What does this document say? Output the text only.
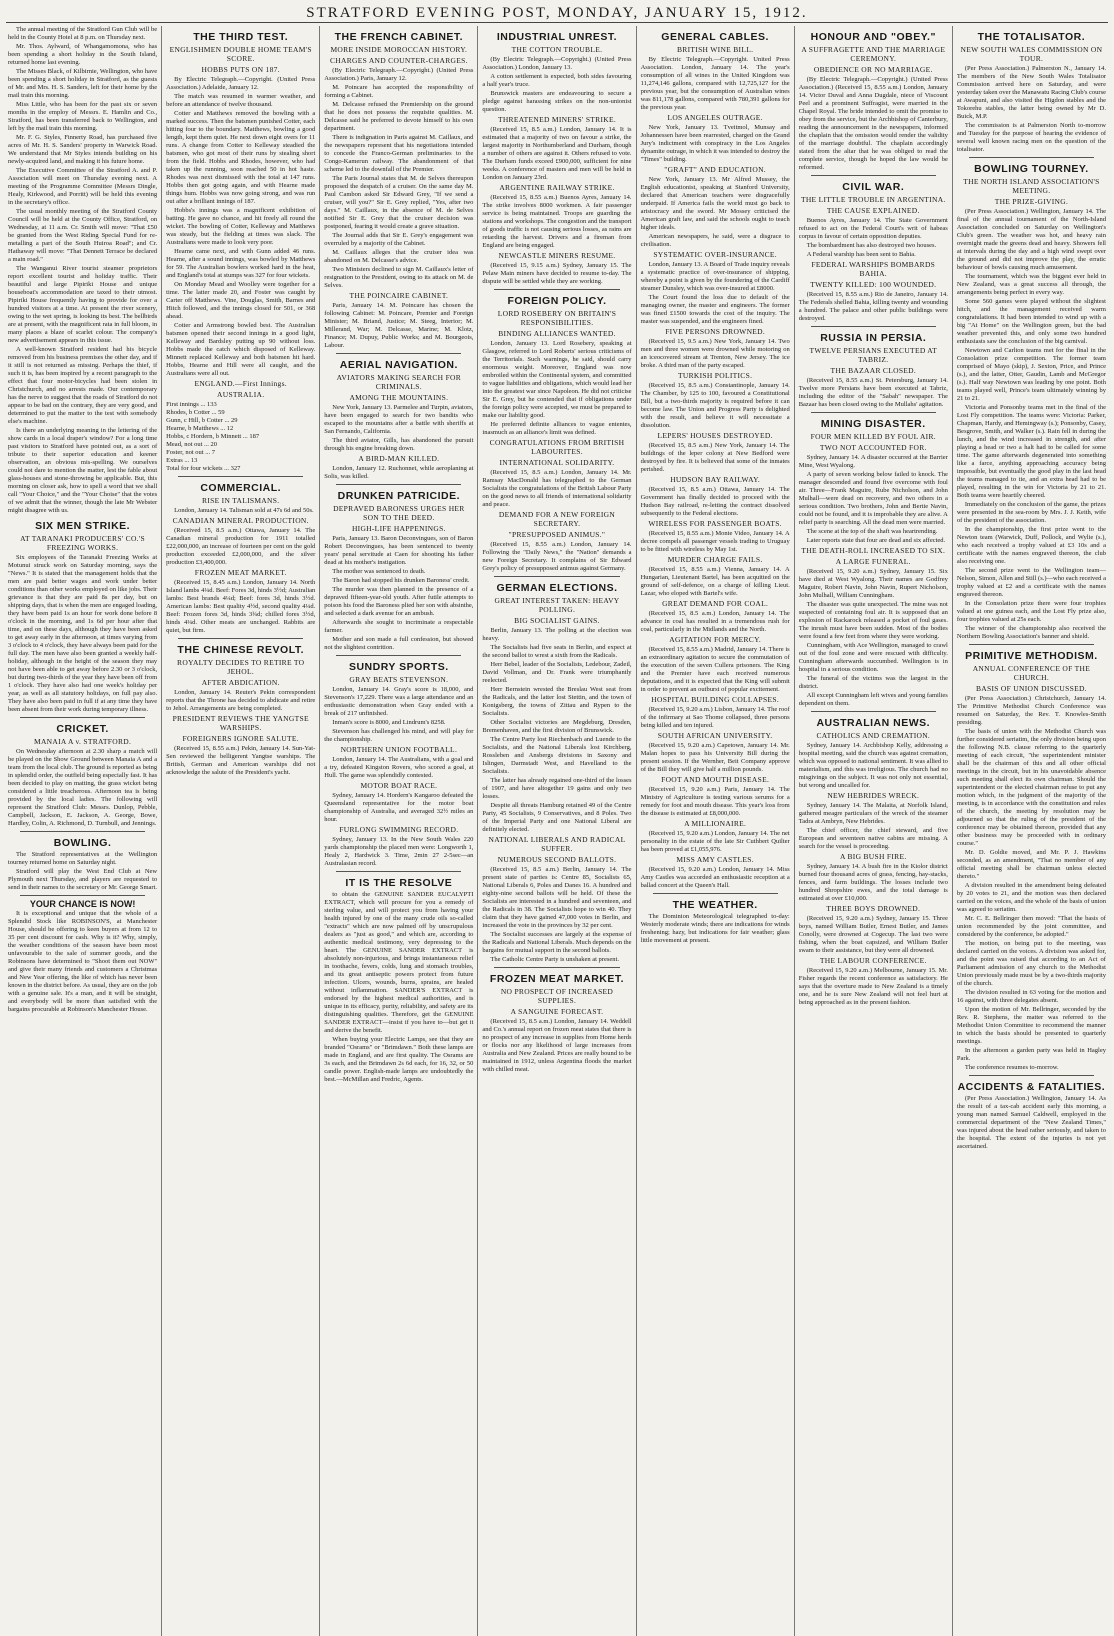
STRATFORD EVENING POST, MONDAY, JANUARY 15, 1912.

The annual meeting of the Stratford Gun Club will be held in the County Hotel at 8 p.m. on Thursday next.

Mr. Thos. Aylward, of Whangamomona, who has been spending a short holiday in the South Island, returned home last evening.

The Misses Black, of Kilbirnie, Wellington, who have been spending a short holiday in Stratford, as the guests of Mr. and Mrs. H. S. Sanders, left for their home by the mail train this morning.

Miss Little, who has been for the past six or seven months in the employ of Messrs. E. Hamlin and Co., Stratford, has been transferred back to Wellington, and left by the mail train this morning.

Mr. F. G. Styles, Finnerty Road, has purchased five acres of Mr. H. S. Sanders' property in Warwick Road. We understand that Mr Styles intends building on his newly-acquired land, and making it his future home.

The Executive Committee of the Stratford A. and P. Association will meet on Thursday evening next. A meeting of the Programme Committee (Messrs Dingle, Healy, Kirkwood, and Porritt) will be held this evening in the secretary's office.

The usual monthly meeting of the Stratford County Council will be held at the County Office, Stratford, on Wednesday, at 11 a.m. Cr. Smith will move: "That £50 be granted from the West Riding Special Fund for re-metalling a part of the South Huiroa Road"; and Cr. Hathaway will move: "That Dennett Terrace be declared a main road."

The Wanganui River tourist steamer proprietors report excellent tourist and holiday traffic. Their beautiful and large Pipiriki House and unique houseboat's accommodation are taxed to their utmost. Pipiriki House frequently having to provide for over a hundred visitors at a time. At present the river scenery, owing to the wet spring, is looking its best. The bellbirds are at present, with the magnificent rata in full bloom, in many places a blaze of scarlet colour. The company's new advertisement appears in this issue.

A well-known Stratford resident had his bicycle removed from his business premises the other day, and if it still is not returned as missing. Perhaps the thief, if such it is, has been inspired by a recent paragraph to the effect that four motor-bicycles had been stolen in Christchurch, and no arrests made. Our contemporary has the nerve to suggest that the roads of Stratford do not appear to be bad on the contrary, they are very good, and determined to put the matter to the test with somebody else's machine.

Is there an underlying meaning in the lettering of the show cards in a local draper's window? For a long time past visitors to Stratford have pointed out, as a sort of tribute to their superior education and keener observation, an obvious mis-spelling. We ourselves could not dare to mention the matter, lest the fable about glass-houses and stone-throwing be applicable. But, this morning on closer ask, how to spell a word that we shall call "Your Choice," and the "Your Choise" that the votes of we admit that the winner, though the late Mr Webster might disagree with us.

SIX MEN STRIKE.
AT TARANAKI PRODUCERS' CO.'S FREEZING WORKS.

Six employees of the Taranaki Freezing Works at Motunui struck work on Saturday morning, says the "News." It is stated that the management holds that the men are paid better wages and work under better conditions than other works employed on like jobs. Their grievance is that they are paid 8s per day, but on shipping days, that is when the men are engaged loading, they have been paid 1s an hour for work done before 8 o'clock in the morning, and 1s 6d per hour after that time, and on these days, although they have been asked to get away early in the afternoon, at times varying from 3 o'clock to 4 o'clock, they have always been paid for the full day. The men have also been granted a weekly half-holiday, although in the height of the season they may not have been able to get away before 2.30 or 3 o'clock, but during two-thirds of the year they have been off from 1 o'clock. They have also had one week's holiday per year, as well as all statutory holidays, on full pay also. They have also been paid in full if at any time they have been absent from their work during temporary illness.

CRICKET.
MANAIA A v. STRATFORD.

On Wednesday afternoon at 2.30 sharp a match will be played on the Show Ground between Manaia A and a team from the local club. The ground is reported as being in splendid order, the outfield being especially fast. It has been decided to play on matting, the grass wicket being considered a little treacherous. Afternoon tea is being provided by the local ladies. The following will represent the Stratford Club: Messrs. Dunlop, Pebble, Campbell, Jackson, E. Jackson, A. George, Bowe, Hardley, Colin, A. Richmond, D. Turnbull, and Jennings.

BOWLING.

The Stratford representatives at the Wellington tourney returned home on Saturday night.

Stratford will play the West End Club at New Plymouth next Thursday, and players are requested to send in their names to the secretary or Mr. George Smart.

YOUR CHANCE IS NOW!

It is exceptional and unique that the whole of a Splendid Stock like ROBINSON'S, at Manchester House, should be offering to keen buyers at from 12 to 35 per cent discount for cash. Why is it? Why, simply, the weather conditions of the season have been most unfavourable to the sale of summer goods, and the Robinsons have determined to "Shoot them out NOW" and give their many friends and customers a Christmas and New Year offering, the like of which has never been known in the district before. As usual, they are on the job with a genuine sale. It's a man, and it will be straight, and everybody will be more than satisfied with the bargains procurable at Robinson's Manchester House.

THE THIRD TEST.
ENGLISHMEN DOUBLE HOME TEAM'S SCORE.
HOBBS PUTS ON 187.

By Electric Telegraph.—Copyright. (United Press Association.) Adelaide, January 12.

The match was resumed in warmer weather, and before an attendance of twelve thousand.

Cotter and Matthews removed the bowling with a marked success. Then the batsmen punished Cotter, each hitting four to the boundary. Matthews, bowling a good length, kept them quiet. He next down eight overs for 11 runs. A change from Cotter to Kelleway steadied the batsmen, who got most of their runs by stealing short from the field. Hobbs and Rhodes, however, who had taken up the running, soon reached 50 in hot haste. Rhodes was next dismissed with the total at 147 runs. Hobbs then got going again, and with Hearne made things hum. Hobbs was now going strong, and was run out after a brilliant innings of 187.

Hobbs's innings was a magnificent exhibition of batting. He gave no chance, and hit freely all round the wicket. The bowling of Cotter, Kelleway and Matthews was steady, but the fielding at times was slack. The Australians were made to look very poor.

Hearne came next, and with Gunn added 46 runs. Hearne, after a sound innings, was bowled by Matthews for 59. The Australian bowlers worked hard in the heat, and England's total at stumps was 327 for four wickets.

On Monday Mead and Woolley were together for a time. The latter made 20, and Foster was caught by Carter off Matthews. Vine, Douglas, Smith, Barnes and Hitch followed, and the innings closed for 501, or 368 ahead.

Cotter and Armstrong bowled best. The Australian batsmen opened their second innings in a good light, Kelleway and Bardsley putting up 90 without loss. Hobbs made the catch which disposed of Kelleway. Minnett replaced Kelleway and both batsmen hit hard. Hobbs, Hearne and Hill were all caught, and the Australians were all out.

ENGLAND.—First Innings.
AUSTRALIA.
First innings ... 133
Rhodes, b Cotter ... 59
Gunn, c Hill, b Cotter ... 29
Hearne, b Matthews ... 12
Hobbs, c Hordern, b Minnett ... 187
Mead, not out ... 20
Foster, not out ... 7
Extras ... 13
Total for four wickets ... 327
COMMERCIAL.
RISE IN TALISMANS.

London, January 14. Talisman sold at 47s 6d and 50s.

CANADIAN MINERAL PRODUCTION.

(Received 15, 8.5 a.m.) Ottawa, January 14. The Canadian mineral production for 1911 totalled £22,000,000, an increase of fourteen per cent on the gold production exceeded £2,000,000, and the silver production £3,400,000.

FROZEN MEAT MARKET.

(Received 15, 8.45 a.m.) London, January 14. North Island lambs 4¼d. Beef: Fores 3d, hinds 3½d; Australian lambs: Best brands 4¼d; Beef: fores 3d, hinds 3½d. American lambs: Best quality 4½d, second quality 4¼d. Beef: Frozen fores 3d, hinds 3¾d; chilled fores 3½d, hinds 4¼d. Other meats are unchanged. Rabbits are quiet, but firm.

THE CHINESE REVOLT.
ROYALTY DECIDES TO RETIRE TO JEHOL.
AFTER ABDICATION.

London, January 14. Reuter's Pekin correspondent reports that the Throne has decided to abdicate and retire to Jehol. Arrangements are being completed.

PRESIDENT REVIEWS THE YANGTSE WARSHIPS.
FOREIGNERS IGNORE SALUTE.

(Received 15, 8.55 a.m.) Pekin, January 14. Sun-Yat-Sen reviewed the belligerent Yangtse warships. The British, German and American warships did not acknowledge the salute of the President's yacht.

THE FRENCH CABINET.
MORE INSIDE MOROCCAN HISTORY.
CHARGES AND COUNTER-CHARGES.

(By Electric Telegraph.—Copyright.) (United Press Association.) Paris, January 12.

M. Poincare has accepted the responsibility of forming a Cabinet.

M. Delcasse refused the Premiership on the ground that he does not possess the requisite qualities. M. Delcasse said he preferred to devote himself to his own department.

There is indignation in Paris against M. Caillaux, and the newspapers represent that his negotiations intended to concede the Franco-German preliminaries to the Congo-Kamerun railway. The abandonment of that scheme led to the downfall of the Premier.

The Paris Journal states that M. de Selves thereupon proposed the despatch of a cruiser. On the same day M. Paul Cambon asked Sir Edward Grey, "If we send a cruiser, will you?" Sir E. Grey replied, "Yes, after two days." M. Caillaux, in the absence of M. de Selves notified Sir E. Grey that the cruiser decision was postponed, fearing it would create a grave situation.

The Journal adds that Sir E. Grey's engagement was overruled by a majority of the Cabinet.

M. Caillaux alleges that the cruiser idea was abandoned on M. Delcasse's advice.

Two Ministers declined to sign M. Caillaux's letter of resignation to the President, owing to its attack on M. de Selves.

THE POINCAIRE CABINET.

Paris, January 14. M. Poincare has chosen the following Cabinet: M. Poincare, Premier and Foreign Minister; M. Briand, Justice; M. Steeg, Interior; M. Millerand, War; M. Delcasse, Marine; M. Klotz, Finance; M. Dupuy, Public Works; and M. Bourgeois, Labour.

AERIAL NAVIGATION.
AVIATORS MAKING SEARCH FOR CRIMINALS.
AMONG THE MOUNTAINS.

New York, January 13. Parmelee and Turpin, aviators, have been engaged to search for two bandits who escaped to the mountains after a battle with sheriffs at San Fernando, California.

The third aviator, Gills, has abandoned the pursuit through his engine breaking down.

A BIRD-MAN KILLED.

London, January 12. Ruchonnet, while aeroplaning at Solis, was killed.

DRUNKEN PATRICIDE.
DEPRAVED BARONESS URGES HER SON TO THE DEED.
HIGH-LIFE HAPPENINGS.

Paris, January 13. Baron Deconvingues, son of Baron Robert Deconvingues, has been sentenced to twenty years' penal servitude at Caen for shooting his father dead at his mother's instigation.

The mother was sentenced to death.

The Baron had stopped his drunken Baroness' credit.

The murder was then planned in the presence of a depraved fifteen-year-old youth. After futile attempts to poison his food the Baroness plied her son with absinthe, and selected a dark avenue for an ambush.

Afterwards she sought to incriminate a respectable farmer.

Mother and son made a full confession, but showed not the slightest contrition.

SUNDRY SPORTS.
GRAY BEATS STEVENSON.

London, January 14. Gray's score is 18,000, and Stevenson's 17,229. There was a large attendance and an enthusiastic demonstration when Gray ended with a break of 217 unfinished.

Inman's score is 8000, and Lindrum's 8258.

Stevenson has challenged his mind, and will play for the championship.

NORTHERN UNION FOOTBALL.

London, January 14. The Australians, with a goal and a try, defeated Kingston Rovers, who scored a goal, at Hull. The game was splendidly contested.

MOTOR BOAT RACE.

Sydney, January 14. Hordern's Kangaroo defeated the Queensland representative for the motor boat championship of Australia, and averaged 32½ miles an hour.

FURLONG SWIMMING RECORD.

Sydney, January 13. In the New South Wales 220 yards championship the placed men were: Longworth 1, Healy 2, Hardwick 3. Time, 2min 27 2-5sec—an Australasian record.

IT IS THE RESOLVE

to obtain the GENUINE SANDER EUCALYPTI EXTRACT, which will procure for you a remedy of sterling value, and will protect you from having your health injured by one of the many crude oils so-called "extracts" which are now palmed off by unscrupulous dealers as "just as good," and which are, according to authentic medical testimony, very depressing to the heart. The GENUINE SANDER EXTRACT is absolutely non-injurious, and brings instantaneous relief in toothache, fevers, colds, lung and stomach troubles, and its great antiseptic powers protect from future infection. Ulcers, wounds, burns, sprains, are healed without inflammation. SANDER'S EXTRACT is endorsed by the highest medical authorities, and is unique in its efficacy, purity, reliability, and safety are its distinguishing qualities. Therefore, get the GENUINE SANDER EXTRACT—insist if you have to—but get it and derive the benefit.

When buying your Electric Lamps, see that they are branded "Osrams" or "Brimdawn." Both these lamps are made in England, and are first quality. The Osrams are 3s each, and the Brimdawn 2s 6d each, for 16, 32, or 50 candle power. English-made lamps are undoubtedly the best.—McMillan and Fredric, Agents.

INDUSTRIAL UNREST.
THE COTTON TROUBLE.

(By Electric Telegraph.—Copyright.) (United Press Association.) London, January 13.

A cotton settlement is expected, both sides favouring a half year's truce.

Brunswick masters are endeavouring to secure a pledge against harassing strikes on the non-unionist question.

THREATENED MINERS' STRIKE.

(Received 15, 8.5 a.m.) London, January 14. It is estimated that a majority of two on favour a strike, the largest majority in Northumberland and Durham, though a number of others are against it. Others refused to vote. The Durham funds exceed £900,000, sufficient for nine weeks. A conference of masters and men will be held in London on January 23rd.

ARGENTINE RAILWAY STRIKE.

(Received 15, 8.55 a.m.) Buenos Ayres, January 14. The strike involves 8000 workmen. A fair passenger service is being maintained. Troops are guarding the stations and workshops. The congestion and the transport of goods traffic is not causing serious losses, as rains are retarding the harvest. Drivers and a fireman from England are being engaged.

NEWCASTLE MINERS RESUME.

(Received 15, 9.15 a.m.) Sydney, January 15. The Pelaw Main miners have decided to resume to-day. The dispute will be settled while they are working.

FOREIGN POLICY.
LORD ROSEBERY ON BRITAIN'S RESPONSIBILITIES.
BINDING ALLIANCES WANTED.

London, January 13. Lord Rosebery, speaking at Glasgow, referred to Lord Roberts' serious criticisms of the Territorials. Such warnings, he said, should carry enormous weight. Moreover, England was now embroiled within the Continental system, and committed to vague liabilities and obligations, which would lead her into the greatest war since Napoleon. He did not criticise Sir E. Grey, but he contended that if obligations under the foreign policy were accepted, we must be prepared to make our liability good.

He preferred definite alliances to vague ententes, inasmuch as an alliance's limit was defined.

CONGRATULATIONS FROM BRITISH LABOURITES.
INTERNATIONAL SOLIDARITY.

(Received 15, 8.5 a.m.) London, January 14. Mr. Ramsay MacDonald has telegraphed to the German Socialists the congratulations of the British Labour Party on the good news to all friends of international solidarity and peace.

DEMAND FOR A NEW FOREIGN SECRETARY.
"PRESUPPOSED ANIMUS."

(Received 15, 8.55 a.m.) London, January 14. Following the "Daily News," the "Nation" demands a new Foreign Secretary. It complains of Sir Edward Grey's policy of presupposed animus against Germany.

GERMAN ELECTIONS.
GREAT INTEREST TAKEN: HEAVY POLLING.
BIG SOCIALIST GAINS.

Berlin, January 13. The polling at the election was heavy.

The Socialists had five seats in Berlin, and expect at the second ballot to wrest a sixth from the Radicals.

Herr Bebel, leader of the Socialists, Ledebour, Zadeil, David Vollman, and Dr. Frank were triumphantly reelected.

Herr Bernstein wrested the Breslau West seat from the Radicals, and the latter lost Stettin, and the town of Konigsberg, the towns of Zittau and Rypen to the Socialists.

Other Socialist victories are Megdeburg, Dresden, Bremenhaven, and the first division of Brunswick.

The Centre Party lost Riechenbach and Luende to the Socialists, and the National Liberals lost Kirchberg, Rossleben and Ansbergs divisions in Saxony and Islingen, Darmstadt West, and Havelland to the Socialists.

The latter has already regained one-third of the losses of 1907, and have altogether 19 gains and only two losses.

Despite all threats Hamburg retained 49 of the Centre Party, 45 Socialists, 9 Conservatives, and 8 Poles. Two of the Imperial Party and one National Liberal are definitely elected.

NATIONAL LIBERALS AND RADICAL SUFFER.
NUMEROUS SECOND BALLOTS.

(Received 15, 8.5 a.m.) Berlin, January 14. The present state of parties is: Centre 85, Socialists 65, National Liberals 6, Poles and Danes 16. A hundred and eighty-nine second ballots will be held. Of these the Socialists are interested in a hundred and seventeen, and the Radicals in 38. The Socialists hope to win 40. They claim that they have gained 47,000 votes in Berlin, and increased the vote in the provinces by 32 per cent.

The Socialist successes are largely at the expense of the Radicals and National Liberals. Much depends on the bargains for mutual support in the second ballots.

The Catholic Centre Party is unshaken at present.

FROZEN MEAT MARKET.
NO PROSPECT OF INCREASED SUPPLIES.
A SANGUINE FORECAST.

(Received 15, 8.5 a.m.) London, January 14. Weddell and Co.'s annual report on frozen meat states that there is no prospect of any increase in supplies from Home herds or flocks nor any likelihood of large increases from Australia and New Zealand. Prices are really bound to be maintained in 1912, unless Argentina floods the market with chilled meat.

GENERAL CABLES.
BRITISH WINE BILL.

By Electric Telegraph.—Copyright. United Press Association. London, January 14. The year's consumption of all wines in the United Kingdom was 11,274,146 gallons, compared with 12,725,127 for the previous year, but the consumption of Australian wines was 811,178 gallons, compared with 780,391 gallons for the previous year.

LOS ANGELES OUTRAGE.

New York, January 13. Tveitmol, Munsay and Johannessen have been rearrested, charged on the Grand Jury's indictment with conspiracy in the Los Angeles dynamite outrage, in which it was intended to destroy the "Times" building.

"GRAFT" AND EDUCATION.

New York, January 13. Mr Alfred Mussey, the English educationist, speaking at Stanford University, declared that American teachers were disgracefully underpaid. If America fails the world must go back to aristocracy and the sword. Mr Mossey criticised the American graft law, and said the schools ought to teach higher ideals.

American newspapers, he said, were a disgrace to civilisation.

SYSTEMATIC OVER-INSURANCE.

London, January 13. A Board of Trade inquiry reveals a systematic practice of over-insurance of shipping, whereby a point is given by the foundering of the Cardiff steamer Dunsley, which was over-insured at £8000.

The Court found the loss due to default of the managing owner, the master and engineers. The former was fined £1500 towards the cost of the inquiry. The master was suspended, and the engineers fined.

FIVE PERSONS DROWNED.

(Received 15, 9.5 a.m.) New York, January 14. Two men and three women were drowned while motoring on an iceocovered stream at Trenton, New Jersey. The ice broke. A third man of the party escaped.

TURKISH POLITICS.

(Received 15, 8.5 a.m.) Constantinople, January 14. The Chamber, by 125 to 100, favoured a Constitutional Bill, but a two-thirds majority is required before it can become law. The Union and Progress Party is delighted with the result, and believe it will necessitate a dissolution.

LEPERS' HOUSES DESTROYED.

(Received 15, 8.5 a.m.) New York, January 14. The buildings of the leper colony at New Bedford were destroyed by fire. It is believed that some of the inmates perished.

HUDSON BAY RAILWAY.

(Received 15, 8.5 a.m.) Ottawa, January 14. The Government has finally decided to proceed with the Hudson Bay railroad, re-letting the contract dissolved subsequently to the Federal elections.

WIRELESS FOR PASSENGER BOATS.

(Received 15, 8.55 a.m.) Monte Video, January 14. A decree compels all passenger vessels trading to Uruguay to be fitted with wireless by May 1st.

MURDER CHARGE FAILS.

(Received 15, 8.55 a.m.) Vienna, January 14. A Hungarian, Lieutenant Bartel, has been acquitted on the ground of self-defence, on a charge of killing Lieut. Lazar, who eloped with Bartel's wife.

GREAT DEMAND FOR COAL.

(Received 15, 8.5 a.m.) London, January 14. The advance in coal has resulted in a tremendous rush for coal, particularly in the Midlands and the North.

AGITATION FOR MERCY.

(Received 15, 8.55 a.m.) Madrid, January 14. There is an extraordinary agitation to secure the commutation of the execution of the seven Cullera prisoners. The King and the Premier have each received numerous deputations, and it is expected that the King will submit in order to prevent an outburst of popular excitement.

HOSPITAL BUILDING COLLAPSES.

(Received 15, 9.20 a.m.) Lisbon, January 14. The roof of the infirmary at Sao Thome collapsed, three persons being killed and ten injured.

SOUTH AFRICAN UNIVERSITY.

(Received 15, 9.20 a.m.) Capetown, January 14. Mr. Malan hopes to pass his University Bill during the present session. If the Wernher, Beit Company approve of the Bill they will give half a million pounds.

FOOT AND MOUTH DISEASE.

(Received 15, 9.20 a.m.) Paris, January 14. The Ministry of Agriculture is testing various serums for a remedy for foot and mouth disease. This year's loss from the disease is estimated at £8,000,000.

A MILLIONAIRE.

(Received 15, 9.20 a.m.) London, January 14. The net personality in the estate of the late Sir Cuthbert Quilter has been proved at £1,055,976.

MISS AMY CASTLES.

(Received 15, 9.20 a.m.) London, January 14. Miss Amy Castles was accorded an enthusiastic reception at a ballad concert at the Queen's Hall.

THE WEATHER.

The Dominion Meteorological telegraphed to-day: Westerly moderate winds; there are indications for winds freshening; hazy, but indications for fair weather; glass little movement at present.

HONOUR AND "OBEY."
A SUFFRAGETTE AND THE MARRIAGE CEREMONY.
OBEDIENCE OR NO MARRIAGE.

(By Electric Telegraph.—Copyright.) (United Press Association.) (Received 15, 8.55 a.m.) London, January 14. Victor Duval and Anna Dugdale, niece of Viscount Peel and a prominent Suffragist, were married in the Chapel Royal. The bride intended to omit the promise to obey from the service, but the Archbishop of Canterbury, reading the announcement in the newspapers, informed the chaplain that the omission would render the validity of the marriage doubtful. The chaplain accordingly stated from the altar that he was obliged to read the complete service, though he hoped the law would be reformed.

CIVIL WAR.
THE LITTLE TROUBLE IN ARGENTINA.
THE CAUSE EXPLAINED.

Buenos Ayres, January 14. The State Government refused to act on the Federal Court's writ of habeas corpus in favour of certain opposition deputies.

The bombardment has also destroyed two houses.

A Federal warship has been sent to Bahia.

FEDERAL WARSHIPS BOMBARDS BAHIA.
TWENTY KILLED: 100 WOUNDED.

(Received 15, 8.55 a.m.) Rio de Janeiro, January 14. The Federals shelled Bahia, killing twenty and wounding a hundred. The palace and other public buildings were destroyed.

RUSSIA IN PERSIA.
TWELVE PERSIANS EXECUTED AT TABRIZ.
THE BAZAAR CLOSED.

(Received 15, 8.55 a.m.) St. Petersburg, January 14. Twelve more Persians have been executed at Tabriz, including the editor of the "Sabah" newspaper. The Bazaar has been closed owing to the Mullahs' agitation.

MINING DISASTER.
FOUR MEN KILLED BY FOUL AIR.
TWO NOT ACCOUNTED FOR.

Sydney, January 14. A disaster occurred at the Barrier Mine, West Wyalong.

A party of seven working below failed to knock. The manager descended and found five overcome with foul air. Three—Frank Maguire, Rube Nicholson, and John Mulhall—were dead on recovery, and two others in a serious condition. Two brothers, John and Bertie Navin, could not be found, and it is improbable they are alive. A relief party is searching. All the dead men were married.

The scene at the top of the shaft was heartrending.

Later reports state that four are dead and six affected.

THE DEATH-ROLL INCREASED TO SIX.
A LARGE FUNERAL.

(Received 15, 9.20 a.m.) Sydney, January 15. Six have died at West Wyalong. Their names are Godfrey Maguire, Robert Navin, John Navin, Rupert Nicholson, John Mulhall, William Cunningham.

The disaster was quite unexpected. The mine was not suspected of containing foul air. It is supposed that an explosion of Rackarock released a pocket of foul gases. The inrush must have been sudden. Most of the bodies were found a few feet from where they were working.

Cunningham, with Ace Wellington, managed to crawl out of the foul zone and were rescued with difficulty. Cunningham afterwards succumbed. Wellington is in hospital in a serious condition.

The funeral of the victims was the largest in the district.

All except Cunningham left wives and young families dependent on them.

AUSTRALIAN NEWS.
CATHOLICS AND CREMATION.

Sydney, January 14. Archbishop Kelly, addressing a hospital meeting, said the church was against cremation, which was opposed to national sentiment. It was allied to materialism, and this was irreligious. The church had no misgivings on the subject. It was not only not essential, but wrong and uncalled for.

NEW HEBRIDES WRECK.

Sydney, January 14. The Malaita, at Norfolk Island, gathered meagre particulars of the wreck of the steamer Tadra at Ambryn, New Hebrides.

The chief officer, the chief steward, and five European and seventeen native cabins are missing. A search for the vessel is proceeding.

A BIG BUSH FIRE.

Sydney, January 14. A bush fire in the Kiolor district burned four thousand acres of grass, fencing, hay-stacks, fences, and farm buildings. The losses include two hundred Shropshire ewes, and the total damage is estimated at over £10,000.

THREE BOYS DROWNED.

(Received 15, 9.20 a.m.) Sydney, January 15. Three boys, named William Butler, Ernest Butler, and James Conolly, were drowned at Cogecup. The last two were fishing, when the boat capsized, and William Butler swam to their assistance, but they were all drowned.

THE LABOUR CONFERENCE.

(Received 15, 9.20 a.m.) Melbourne, January 15. Mr. Fisher regards the recent conference as satisfactory. He says that the overture made to New Zealand is a timely one, and he is sure New Zealand will not feel hurt at being approached as in the present fashion.

THE TOTALISATOR.
NEW SOUTH WALES COMMISSION ON TOUR.

(Per Press Association.) Palmerston N., January 14. The members of the New South Wales Totalisator Commission arrived here on Saturday, and were yesterday taken over the Manawatu Racing Club's course at Awapuni, and also visited the Higdon stables and the Tokorehu stables, the latter being owned by Mr D. Buick, M.P.

The commission is at Palmerston North to-morrow and Tuesday for the purpose of hearing the evidence of several well known racing men on the question of the totalisator.

BOWLING TOURNEY.
THE NORTH ISLAND ASSOCIATION'S MEETING.
THE PRIZE-GIVING.

(Per Press Association.) Wellington, January 14. The final of the annual tournament of the North-Island Association concluded on Saturday on Wellington's Club's green. The weather was hot, and heavy rain overnight made the greens dead and heavy. Showers fell at intervals during the day and a high wind swept over the ground and did not improve the play, the erratic behaviour of bowls causing much amusement.

The tournament, which was the biggest ever held in New Zealand, was a great success all through, the arrangements being perfect in every way.

Some 560 games were played without the slightest hitch, and the management received warm congratulations. It had been intended to wind up with a big "At Home" on the Wellington green, but the bad weather prevented this, and only some two hundred enthusiasts saw the conclusion of the big carnival.

Newtown and Carlton teams met for the final in the Consolation prize competition. The former team comprised of Mayo (skip), J. Sexton, Price, and Prince (s.), and the latter, Otter, Gaudin, Lamb and McGregor (s.). Half way Newtown was leading by one point. Both teams played well, Prince's team ultimately winning by 21 to 21.

Victoria and Ponsonby teams met in the final of the Lost Fly competition. The teams were: Victoria: Parker, Chapman, Hardy, and Hemingway (s.); Ponsonby, Casey, Besgrove, Smith, and Walker (s.). Rain fell in during the lunch, and the wind increased in strength, and after playing a head or two a halt had to be called for some time. The game afterwards degenerated into something like a farce, anything approaching accuracy being impossible, but eventually the good play in the last head the teams managed to tie, and an extra head had to be played, resulting in the win for Victoria by 21 to 21. Both teams were heartily cheered.

Immediately on the conclusion of the game, the prizes were presented in the sea-room by Mrs. J. J. Keith, wife of the president of the association.

In the championship, the first prize went to the Newton team (Warwick, Duff, Pollock, and Wylie (s.), who each received a trophy valued at £3 10s and a certificate with the names engraved thereon, the club also receiving one.

The second prize went to the Wellington team—Nelson, Simon, Allen and Still (s.)—who each received a trophy valued at £2 and a certificate with the names engraved thereon.

In the Consolation prize there were four trophies valued at one guinea each, and the Lost Fly prize also, four trophies valued at 25s each.

The winner of the championship also received the Northern Bowling Association's banner and shield.

PRIMITIVE METHODISM.
ANNUAL CONFERENCE OF THE CHURCH.
BASIS OF UNION DISCUSSED.

(Per Press Association.) Christchurch, January 14. The Primitive Methodist Church Conference was resumed on Saturday, the Rev. T. Knowles-Smith presiding.

The basis of union with the Methodist Church was further considered seriatim, the only division being upon the following N.B. clause referring to the quarterly meeting of each circuit, "the superintendent minister shall be the chairman of this and all other official meetings in the circuit, but in his unavoidable absence such meeting shall elect its own chairman. Should the superintendent or the elected chairman refuse to put any motion which, in the judgment of the majority of the meeting, is in accordance with the constitution and rules of the church, the meeting by resolution may be adjourned so that the ruling of the president of the conference may be obtained thereon, provided that any other business may be proceeded with in ordinary course."

Mr. D. Goldie moved, and Mr. P. J. Hawkins seconded, as an amendment, "That no member of any official meeting shall be chairman unless elected thereto."

A division resulted in the amendment being defeated by 20 votes to 21, and the motion was then declared carried on the voices, and the whole of the basis of union was agreed to seriatim.

Mr. C. E. Bellringer then moved: "That the basis of union recommended by the joint committee, and considered by the conference, be adopted."

The motion, on being put to the meeting, was declared carried on the voices. A division was asked for, and the point was raised that according to an Act of Parliament admission of any church to the Methodist Union previously made must be by a two-thirds majority of the church.

The division resulted in 63 voting for the motion and 16 against, with three delegates absent.

Upon the motion of Mr. Bellringer, seconded by the Rev. R. Stephens, the matter was referred to the Methodist Union Committee to recommend the manner in which the basis should be presented to quarterly meetings.

In the afternoon a garden party was held in Hagley Park.

The conference resumes to-morrow.

ACCIDENTS & FATALITIES.

(Per Press Association.) Wellington, January 14. As the result of a tax-cab accident early this morning, a young man named Samuel Caldwell, employed in the commercial department of the "New Zealand Times," was injured about the head rather seriously, and taken to the hospital. The extent of the injuries is not yet ascertained.
